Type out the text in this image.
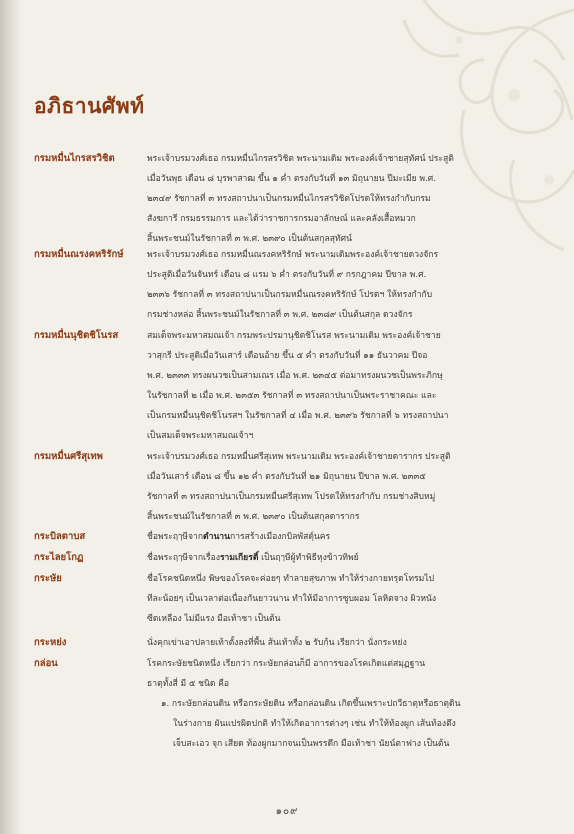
อภิธานศัพท์
กรมหมื่นไกรสรวิชิต	พระเจ้าบรมวงศ์เธอ กรมหมื่นไกรสรวิชิต พระนามเดิม พระองค์เจ้าชายสุทัศน์ ประสูติ
เมื่อวันพุธ เดือน ๘ บุรพาสาฒ ขึ้น ๑ ค่ำ ตรงกับวันที่ ๑๓ มิถุนายน ปีมะเมีย พ.ศ.
๒๓๔๙ รัชกาลที่ ๓ ทรงสถาปนาเป็นกรมหมื่นไกรสรวิชิตโปรดให้ทรงกำกับกรม
สังฆการี กรมธรรมการ และได้ว่าราชการกรมอาลักษณ์ และคลังเสื้อหมวก
สิ้นพระชนม์ในรัชกาลที่ ๓ พ.ศ. ๒๓๙๐ เป็นต้นสกุลสุทัศน์
กรมหมื่นณรงคหริรักษ์	พระเจ้าบรมวงศ์เธอ กรมหมื่นณรงคหริรักษ์ พระนามเดิมพระองค์เจ้าชายดวงจักร
ประสูติเมื่อวันจันทร์ เดือน ๘ แรม ๖ ค่ำ ตรงกับวันที่ ๙ กรกฎาคม ปีขาล พ.ศ.
๒๓๓๖ รัชกาลที่ ๓ ทรงสถาปนาเป็นกรมหมื่นณรงคหริรักษ์ โปรดฯ ให้ทรงกำกับ
กรมช่างหล่อ สิ้นพระชนม์ในรัชกาลที่ ๓ พ.ศ. ๒๓๘๙ เป็นต้นสกุล ดวงจักร
กรมหมื่นนุชิตชิโนรส	สมเด็จพระมหาสมณเจ้า กรมพระปรมานุชิตชิโนรส พระนามเดิม พระองค์เจ้าชาย
วาสุกรี ประสูติเมื่อวันเสาร์ เดือนอ้าย ขึ้น ๕ ค่ำ ตรงกับวันที่ ๑๑ ธันวาคม ปีจอ
พ.ศ. ๒๓๓๓ ทรงผนวชเป็นสามเณร เมื่อ พ.ศ. ๒๓๔๕ ต่อมาทรงผนวชเป็นพระภิกษุ
ในรัชกาลที่ ๒ เมื่อ พ.ศ. ๒๓๕๓ รัชกาลที่ ๓ ทรงสถาปนาเป็นพระราชาคณะ และ
เป็นกรมหมื่นนุชิตชิโนรสฯ ในรัชกาลที่ ๔ เมื่อ พ.ศ. ๒๓๙๖ รัชกาลที่ ๖ ทรงสถาปนา
เป็นสมเด็จพระมหาสมณเจ้าฯ
กรมหมื่นศรีสุเทพ	พระเจ้าบรมวงศ์เธอ กรมหมื่นศรีสุเทพ พระนามเดิม พระองค์เจ้าชายดารากร ประสูติ
เมื่อวันเสาร์ เดือน ๘ ขึ้น ๑๒ ค่ำ ตรงกับวันที่ ๒๑ มิถุนายน ปีขาล พ.ศ. ๒๓๓๕
รัชกาลที่ ๓ ทรงสถาปนาเป็นกรมหมื่นศรีสุเทพ โปรดให้ทรงกำกับ กรมช่างสิบหมู่
สิ้นพระชนม์ในรัชกาลที่ ๓ พ.ศ. ๒๓๙๐ เป็นต้นสกุลดารากร
กระบิลตาบส	ชื่อพระฤๅษีจากตำนานการสร้างเมืองกบิลพัสดุ์นคร
กระไลยโกฏ	ชื่อพระฤๅษีจากเรื่องรามเกียรติ์ เป็นฤๅษีผู้ทำพิธีหุงข้าวทิพย์
กระษัย	ชื่อโรคชนิดหนึ่ง พิษของโรคจะค่อยๆ ทำลายสุขภาพ ทำให้ร่างกายทรุดโทรมไป
ทีละน้อยๆ เป็นเวลาต่อเนื่องกันยาวนาน ทำให้มีอาการซูบผอม โลหิตจาง ผิวหนัง
ซีดเหลือง ไม่มีแรง มือเท้าชา เป็นต้น
กระหย่ง	นั่งคุกเข่าเอาปลายเท้าตั้งลงที่พื้น ส้นเท้าทั้ง ๒ รับก้น เรียกว่า นั่งกระหย่ง
กล่อน	โรคกระษัยชนิดหนึ่ง เรียกว่า กระษัยกล่อนก็มี อาการของโรคเกิดแต่สมุฏฐาน
ธาตุทั้งสี่ มี ๕ ชนิด คือ
๑. กระษัยกล่อนดิน หรือกระษัยดิน หรือกล่อนดิน เกิดขึ้นเพราะปถวีธาตุหรือธาตุดิน
ในร่างกาย ผันแปรผิดปกติ ทำให้เกิดอาการต่างๆ เช่น ทำให้ท้องผูก เส้นท้องตึง
เจ็บสะเอว จุก เสียด ท้องผูกมากจนเป็นพรรดึก มือเท้าชา นัยน์ตาฟาง เป็นต้น
๑๐๙
